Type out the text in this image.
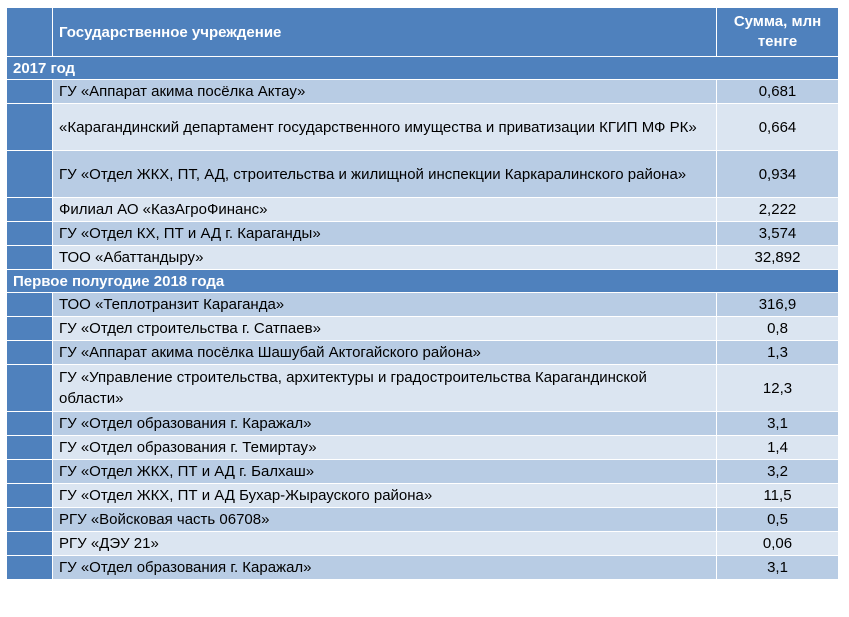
	Государственное учреждение	Сумма, млн
тенге
2017 год		
	ГУ «Аппарат акима посёлка Актау»	0,681
	«Карагандинский департамент государственного имущества и приватизации КГИП МФ РК»	0,664
	ГУ «Отдел ЖКХ, ПТ, АД, строительства и жилищной инспекции Каркаралинского района»	0,934
	Филиал АО «КазАгроФинанс»	2,222
	ГУ «Отдел КХ, ПТ и АД г. Караганды»	3,574
	ТОО «Абаттандыру»	32,892
Первое полугодие 2018 года		
	ТОО «Теплотранзит Караганда»	316,9
	ГУ «Отдел строительства г. Сатпаев»	0,8
	ГУ «Аппарат акима посёлка Шашубай Актогайского района»	1,3
	ГУ «Управление строительства, архитектуры и градостроительства Карагандинской области»	12,3
	ГУ «Отдел образования г. Каражал»	3,1
	ГУ «Отдел образования г. Темиртау»	1,4
	ГУ «Отдел ЖКХ, ПТ и АД г. Балхаш»	3,2
	ГУ «Отдел ЖКХ, ПТ и АД Бухар-Жырауского района»	11,5
	РГУ «Войсковая часть 06708»	0,5
	РГУ «ДЭУ 21»	0,06
	ГУ «Отдел образования г. Каражал»	3,1
